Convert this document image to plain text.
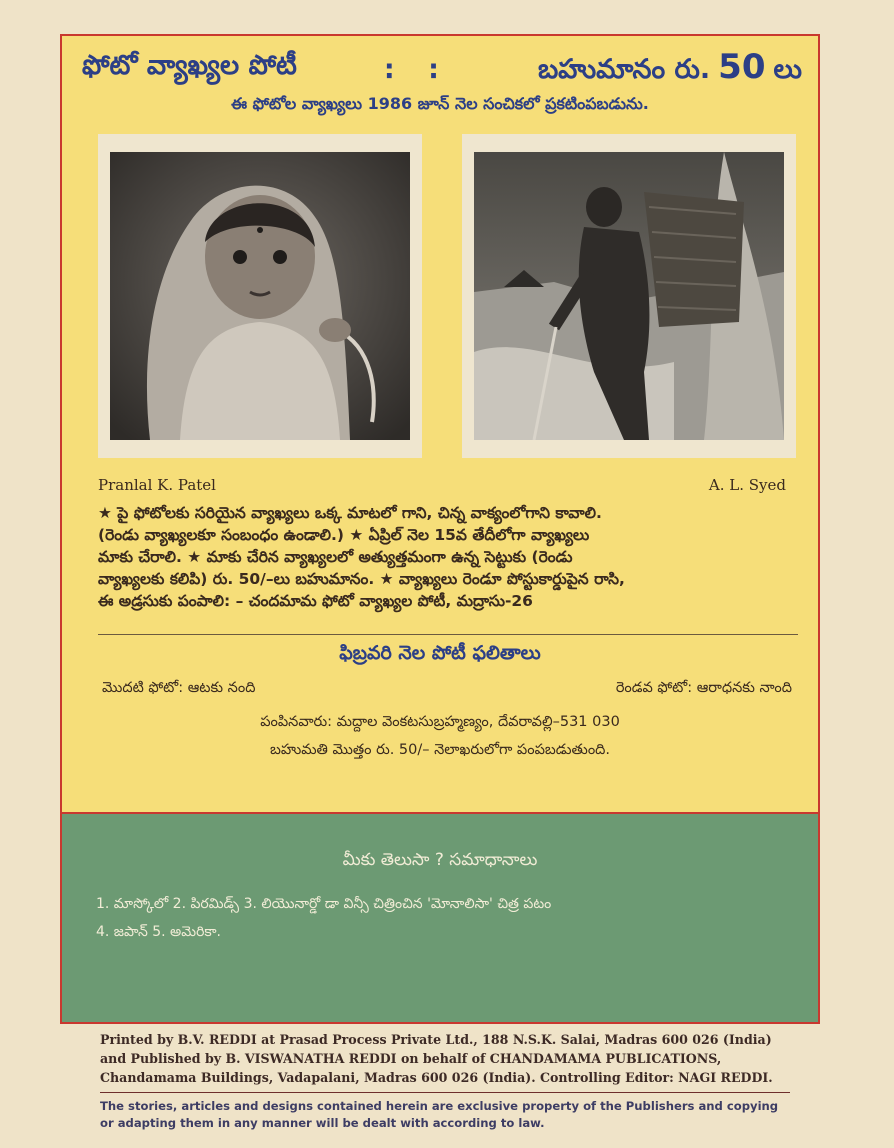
ఫోటో వ్యాఖ్యల పోటీ	: :	బహుమానం రు. 50 లు
ఈ ఫోటోల వ్యాఖ్యలు 1986 జూన్ నెల సంచికలో ప్రకటింపబడును.
Pranlal K. Patel	A. L. Syed

★ పై ఫోటోలకు సరియైన వ్యాఖ్యలు ఒక్క మాటలో గాని, చిన్న వాక్యంలోగాని కావాలి.

(రెండు వ్యాఖ్యలకూ సంబంధం ఉండాలి.) ★ ఏప్రిల్ నెల 15వ తేదీలోగా వ్యాఖ్యలు

మాకు చేరాలి. ★ మాకు చేరిన వ్యాఖ్యలలో అత్యుత్తమంగా ఉన్న సెట్టుకు (రెండు

వ్యాఖ్యలకు కలిపి) రు. 50/–లు బహుమానం. ★ వ్యాఖ్యలు రెండూ పోస్టుకార్డుపైన రాసి,

ఈ అడ్రసుకు పంపాలి: – చందమామ ఫోటో వ్యాఖ్యల పోటీ, మద్రాసు-26

ఫిబ్రవరి నెల పోటీ ఫలితాలు
మొదటి ఫోటో: ఆటకు నంది	రెండవ ఫోటో: ఆరాధనకు నాంది
పంపినవారు: మద్దాల వెంకటసుబ్రహ్మణ్యం, దేవరావల్లి–531 030
బహుమతి మొత్తం రు. 50/– నెలాఖరులోగా పంపబడుతుంది.
మీకు తెలుసా ? సమాధానాలు

1. మాస్కోలో 2. పిరమిడ్స్ 3. లియొనార్డో డా విన్సీ చిత్రించిన 'మోనాలిసా' చిత్ర పటం

4. జపాన్ 5. అమెరికా.

Printed by B.V. REDDI at Prasad Process Private Ltd., 188 N.S.K. Salai, Madras 600 026 (India) and Published by B. VISWANATHA REDDI on behalf of CHANDAMAMA PUBLICATIONS, Chandamama Buildings, Vadapalani, Madras 600 026 (India). Controlling Editor: NAGI REDDI.
The stories, articles and designs contained herein are exclusive property of the Publishers and copying or adapting them in any manner will be dealt with according to law.
